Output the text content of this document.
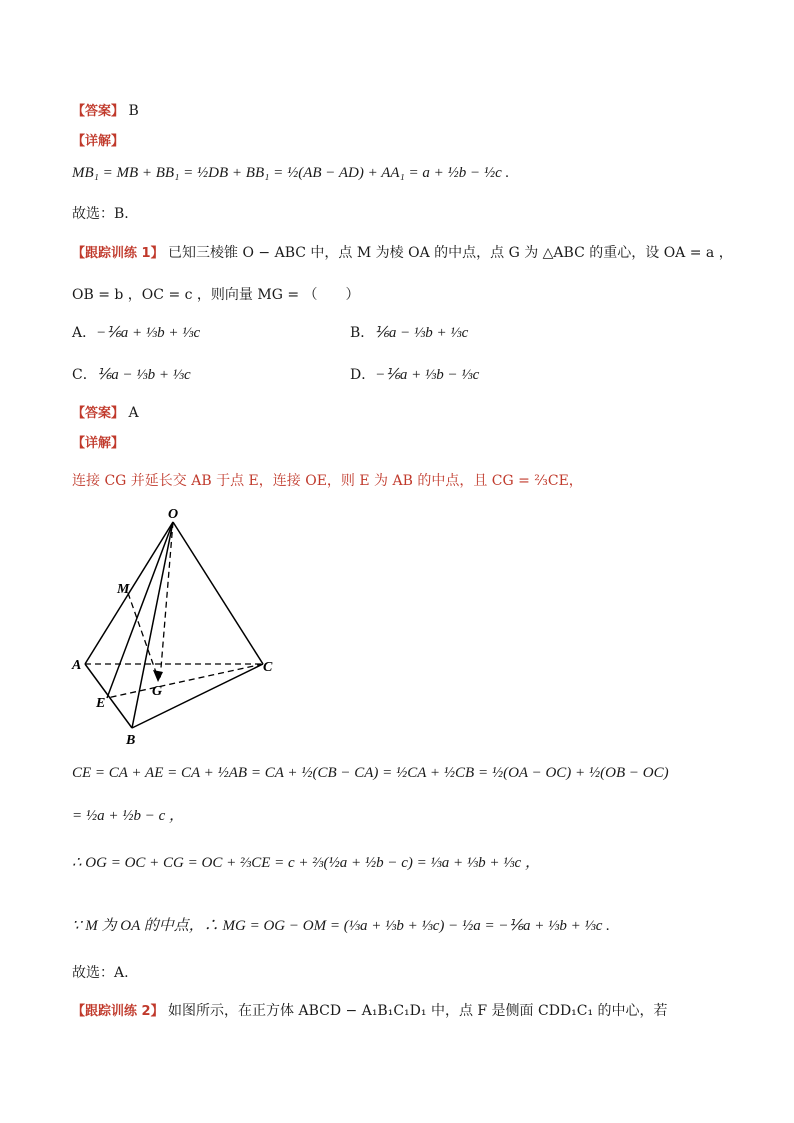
【答案】 B
【详解】
MB₁ = MB + BB₁ = ½DB + BB₁ = ½(AB − AD) + AA₁ = a + ½b − ½c .
故选：B.
【跟踪训练 1】 已知三棱锥 O − ABC 中，点 M 为棱 OA 的中点，点 G 为 △ABC 的重心，设 OA = a ，
OB = b ，OC = c ，则向量 MG = （　　）
A．−⅙a + ⅓b + ⅓c	B．⅙a − ⅓b + ⅓c
C．⅙a − ⅓b + ⅓c	D．−⅙a + ⅓b − ⅓c
【答案】 A
【详解】
连接 CG 并延长交 AB 于点 E，连接 OE，则 E 为 AB 的中点，且 CG = ⅔CE，
O
M
A	C
G
E
B
CE = CA + AE = CA + ½AB = CA + ½(CB − CA) = ½CA + ½CB = ½(OA − OC) + ½(OB − OC)
= ½a + ½b − c ，
∴ OG = OC + CG = OC + ⅔CE = c + ⅔(½a + ½b − c) = ⅓a + ⅓b + ⅓c ，
∵ M 为 OA 的中点，∴ MG = OG − OM = (⅓a + ⅓b + ⅓c) − ½a = −⅙a + ⅓b + ⅓c .
故选：A.
【跟踪训练 2】 如图所示，在正方体 ABCD − A₁B₁C₁D₁ 中，点 F 是侧面 CDD₁C₁ 的中心，若
